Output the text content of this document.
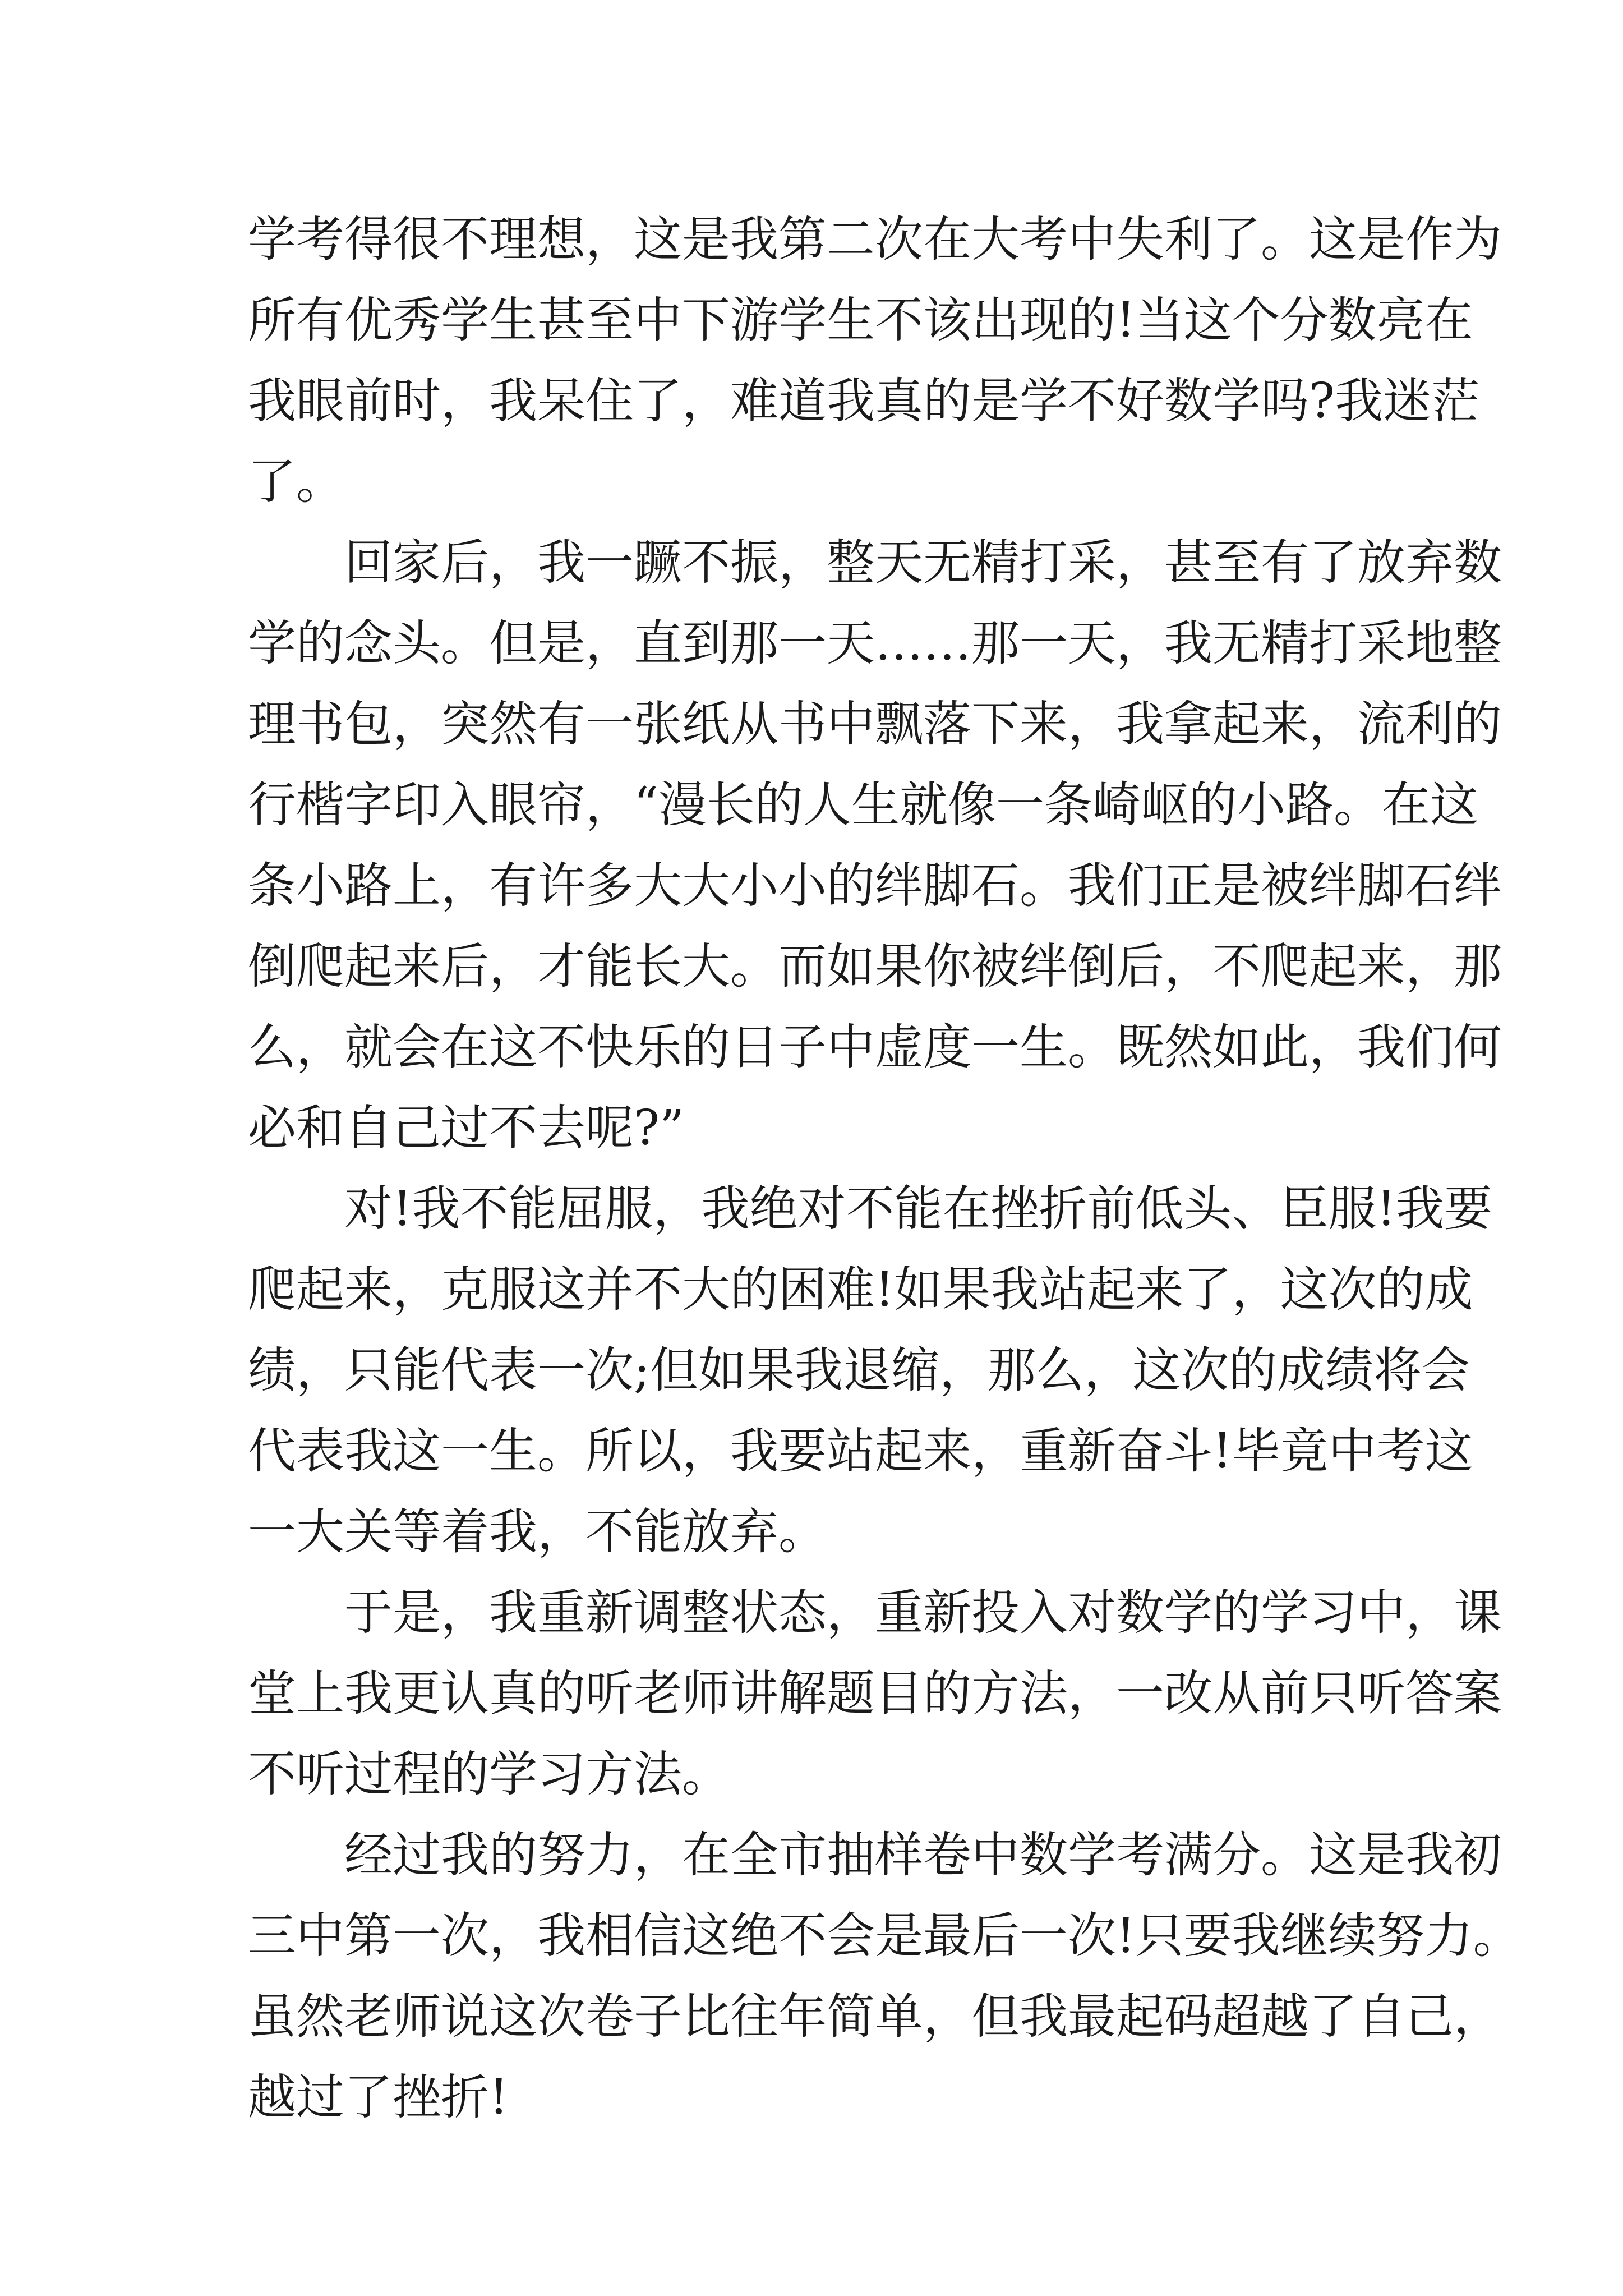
学考得很不理想，这是我第二次在大考中失利了。这是作为
所有优秀学生甚至中下游学生不该出现的!当这个分数亮在
我眼前时，我呆住了，难道我真的是学不好数学吗?我迷茫
了。
回家后，我一蹶不振，整天无精打采，甚至有了放弃数
学的念头。但是，直到那一天……那一天，我无精打采地整
理书包，突然有一张纸从书中飘落下来，我拿起来，流利的
行楷字印入眼帘，“漫长的人生就像一条崎岖的小路。在这
条小路上，有许多大大小小的绊脚石。我们正是被绊脚石绊
倒爬起来后，才能长大。而如果你被绊倒后，不爬起来，那
么，就会在这不快乐的日子中虚度一生。既然如此，我们何
必和自己过不去呢?”
对!我不能屈服，我绝对不能在挫折前低头、臣服!我要
爬起来，克服这并不大的困难!如果我站起来了，这次的成
绩，只能代表一次;但如果我退缩，那么，这次的成绩将会
代表我这一生。所以，我要站起来，重新奋斗!毕竟中考这
一大关等着我，不能放弃。
于是，我重新调整状态，重新投入对数学的学习中，课
堂上我更认真的听老师讲解题目的方法，一改从前只听答案
不听过程的学习方法。
经过我的努力，在全市抽样卷中数学考满分。这是我初
三中第一次，我相信这绝不会是最后一次!只要我继续努力。
虽然老师说这次卷子比往年简单，但我最起码超越了自己，
越过了挫折!
